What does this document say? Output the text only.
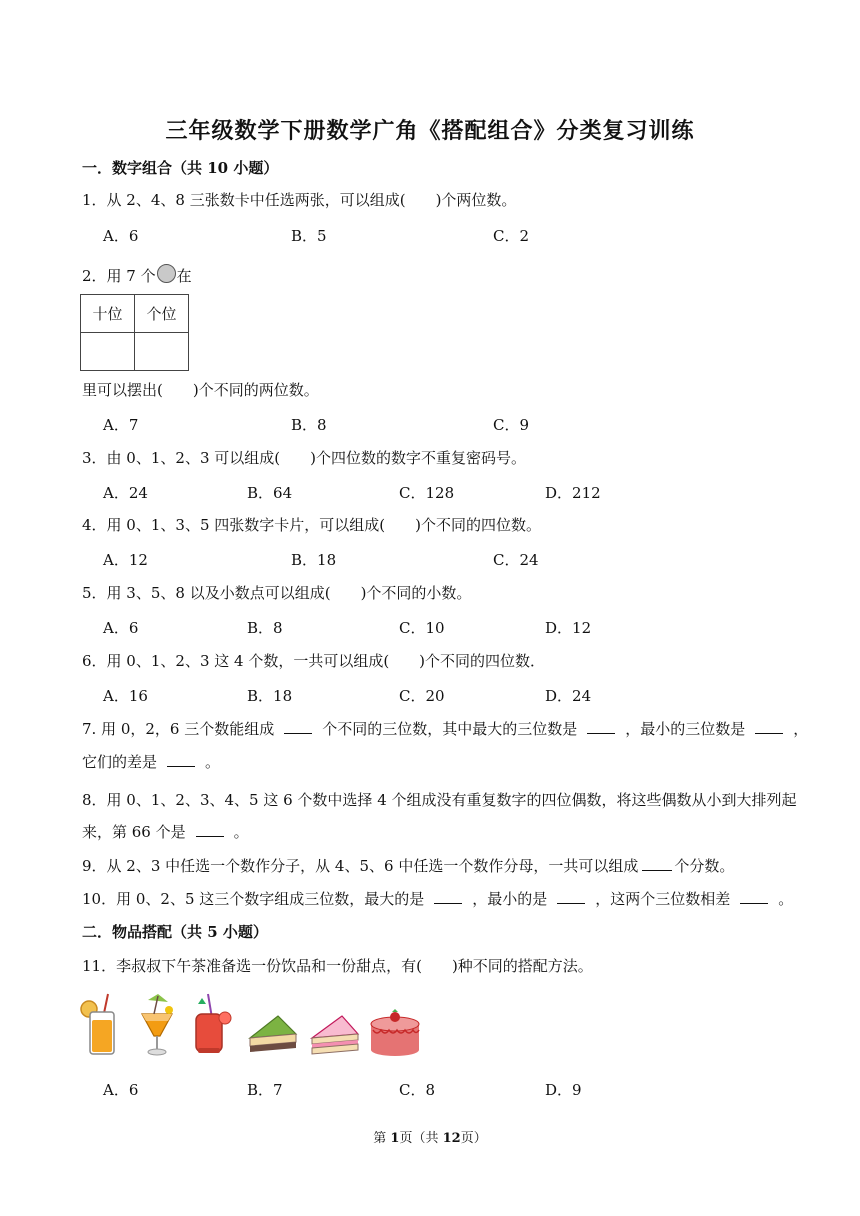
三年级数学下册数学广角《搭配组合》分类复习训练
一．数字组合（共 10 小题）
1．从 2、4、8 三张数卡中任选两张，可以组成(　　)个两位数。
A．6	B．5	C．2
2．用 7 个 在
十位	个位

里可以摆出(　　)个不同的两位数。
A．7	B．8	C．9
3．由 0、1、2、3 可以组成(　　)个四位数的数字不重复密码号。
A．24	B．64	C．128	D．212
4．用 0、1、3、5 四张数字卡片，可以组成(　　)个不同的四位数。
A．12	B．18	C．24
5．用 3、5、8 以及小数点可以组成(　　)个不同的小数。
A．6	B．8	C．10	D．12
6．用 0、1、2、3 这 4 个数，一共可以组成(　　)个不同的四位数．
A．16	B．18	C．20	D．24
7. 用 0，2，6 三个数能组成	个不同的三位数，其中最大的三位数是	，最小的三位数是	，
它们的差是	。
8．用 0、1、2、3、4、5 这 6 个数中选择 4 个组成没有重复数字的四位偶数，将这些偶数从小到大排列起
来，第 66 个是	。
9．从 2、3 中任选一个数作分子，从 4、5、6 中任选一个数作分母，一共可以组成 个分数。
10．用 0、2、5 这三个数字组成三位数，最大的是	，最小的是	，这两个三位数相差	。
二．物品搭配（共 5 小题）
11．李叔叔下午茶准备选一份饮品和一份甜点，有(　　)种不同的搭配方法。
A．6	B．7	C．8	D．9
第 1页（共 12页）
